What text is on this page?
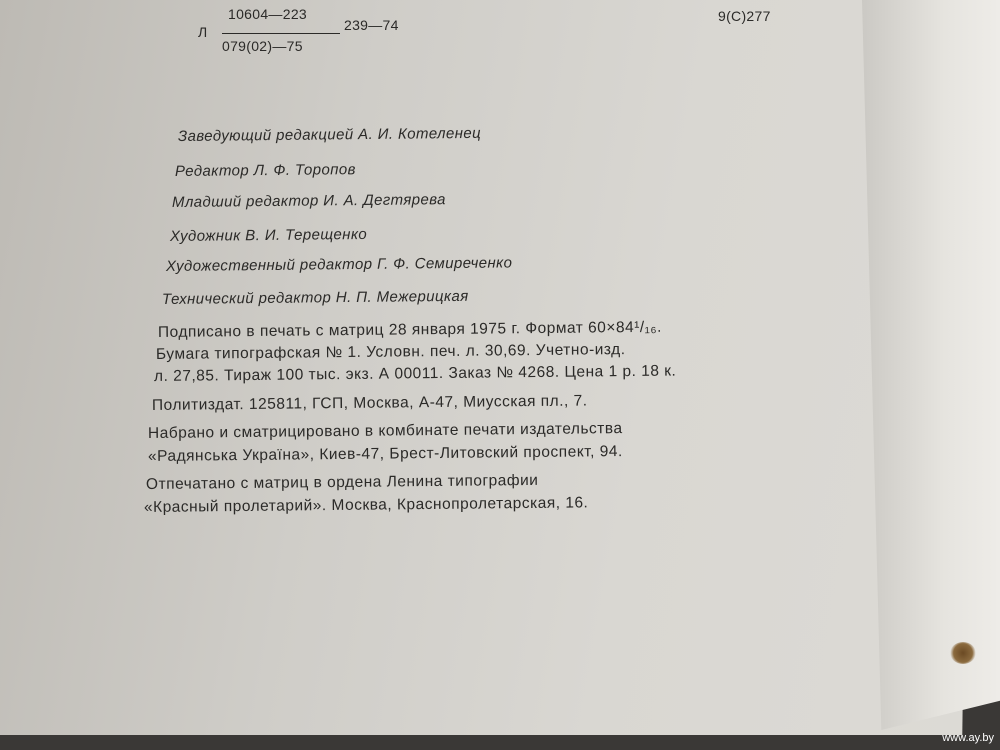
Л
10604—223
079(02)—75
239—74
9(С)277
Заведующий редакцией А. И. Котеленец
Редактор Л. Ф. Торопов
Младший редактор И. А. Дегтярева
Художник В. И. Терещенко
Художественный редактор Г. Ф. Семиреченко
Технический редактор Н. П. Межерицкая
Подписано в печать с матриц 28 января 1975 г. Формат 60×84¹/₁₆.
Бумага типографская № 1. Условн. печ. л. 30,69. Учетно-изд.
л. 27,85. Тираж 100 тыс. экз. А 00011. Заказ № 4268. Цена 1 р. 18 к.
Политиздат. 125811, ГСП, Москва, А-47, Миусская пл., 7.
Набрано и сматрицировано в комбинате печати издательства
«Радянська Україна», Киев-47, Брест-Литовский проспект, 94.
Отпечатано с матриц в ордена Ленина типографии
«Красный пролетарий». Москва, Краснопролетарская, 16.
www.ay.by
